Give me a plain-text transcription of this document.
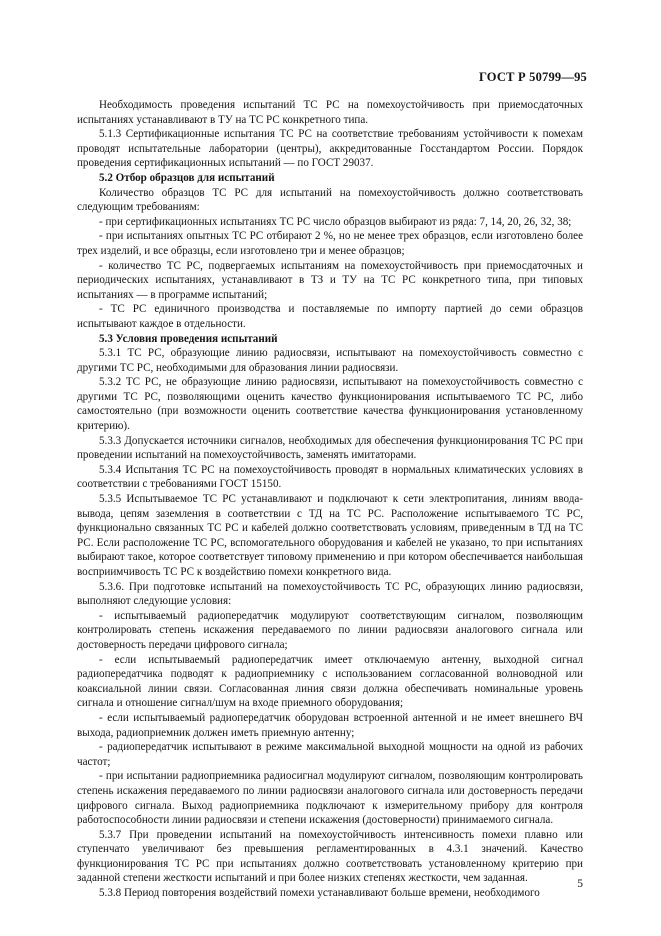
ГОСТ Р 50799—95

Необходимость проведения испытаний ТС РС на помехоустойчивость при приемосдаточных испытаниях устанавливают в ТУ на ТС РС конкретного типа.

5.1.3 Сертификационные испытания ТС РС на соответствие требованиям устойчивости к помехам проводят испытательные лаборатории (центры), аккредитованные Госстандартом России. Порядок проведения сертификационных испытаний — по ГОСТ 29037.

5.2 Отбор образцов для испытаний

Количество образцов ТС РС для испытаний на помехоустойчивость должно соответствовать следующим требованиям:

- при сертификационных испытаниях ТС РС число образцов выбирают из ряда: 7, 14, 20, 26, 32, 38;

- при испытаниях опытных ТС РС отбирают 2 %, но не менее трех образцов, если изготовлено более трех изделий, и все образцы, если изготовлено три и менее образцов;

- количество ТС РС, подвергаемых испытаниям на помехоустойчивость при приемосдаточных и периодических испытаниях, устанавливают в ТЗ и ТУ на ТС РС конкретного типа, при типовых испытаниях — в программе испытаний;

- ТС РС единичного производства и поставляемые по импорту партией до семи образцов испытывают каждое в отдельности.

5.3 Условия проведения испытаний

5.3.1 ТС РС, образующие линию радиосвязи, испытывают на помехоустойчивость совместно с другими ТС РС, необходимыми для образования линии радиосвязи.

5.3.2 ТС РС, не образующие линию радиосвязи, испытывают на помехоустойчивость совместно с другими ТС РС, позволяющими оценить качество функционирования испытываемого ТС РС, либо самостоятельно (при возможности оценить соответствие качества функционирования установленному критерию).

5.3.3 Допускается источники сигналов, необходимых для обеспечения функционирования ТС РС при проведении испытаний на помехоустойчивость, заменять имитаторами.

5.3.4 Испытания ТС РС на помехоустойчивость проводят в нормальных климатических условиях в соответствии с требованиями ГОСТ 15150.

5.3.5 Испытываемое ТС РС устанавливают и подключают к сети электропитания, линиям ввода-вывода, цепям заземления в соответствии с ТД на ТС РС. Расположение испытываемого ТС РС, функционально связанных ТС РС и кабелей должно соответствовать условиям, приведенным в ТД на ТС РС. Если расположение ТС РС, вспомогательного оборудования и кабелей не указано, то при испытаниях выбирают такое, которое соответствует типовому применению и при котором обеспечивается наибольшая восприимчивость ТС РС к воздействию помехи конкретного вида.

5.3.6. При подготовке испытаний на помехоустойчивость ТС РС, образующих линию радиосвязи, выполняют следующие условия:

- испытываемый радиопередатчик модулируют соответствующим сигналом, позволяющим контролировать степень искажения передаваемого по линии радиосвязи аналогового сигнала или достоверность передачи цифрового сигнала;

- если испытываемый радиопередатчик имеет отключаемую антенну, выходной сигнал радиопередатчика подводят к радиоприемнику с использованием согласованной волноводной или коаксиальной линии связи. Согласованная линия связи должна обеспечивать номинальные уровень сигнала и отношение сигнал/шум на входе приемного оборудования;

- если испытываемый радиопередатчик оборудован встроенной антенной и не имеет внешнего ВЧ выхода, радиоприемник должен иметь приемную антенну;

- радиопередатчик испытывают в режиме максимальной выходной мощности на одной из рабочих частот;

- при испытании радиоприемника радиосигнал модулируют сигналом, позволяющим контролировать степень искажения передаваемого по линии радиосвязи аналогового сигнала или достоверность передачи цифрового сигнала. Выход радиоприемника подключают к измерительному прибору для контроля работоспособности линии радиосвязи и степени искажения (достоверности) принимаемого сигнала.

5.3.7 При проведении испытаний на помехоустойчивость интенсивность помехи плавно или ступенчато увеличивают без превышения регламентированных в 4.3.1 значений. Качество функционирования ТС РС при испытаниях должно соответствовать установленному критерию при заданной степени жесткости испытаний и при более низких степенях жесткости, чем заданная.

5.3.8 Период повторения воздействий помехи устанавливают больше времени, необходимого

5
